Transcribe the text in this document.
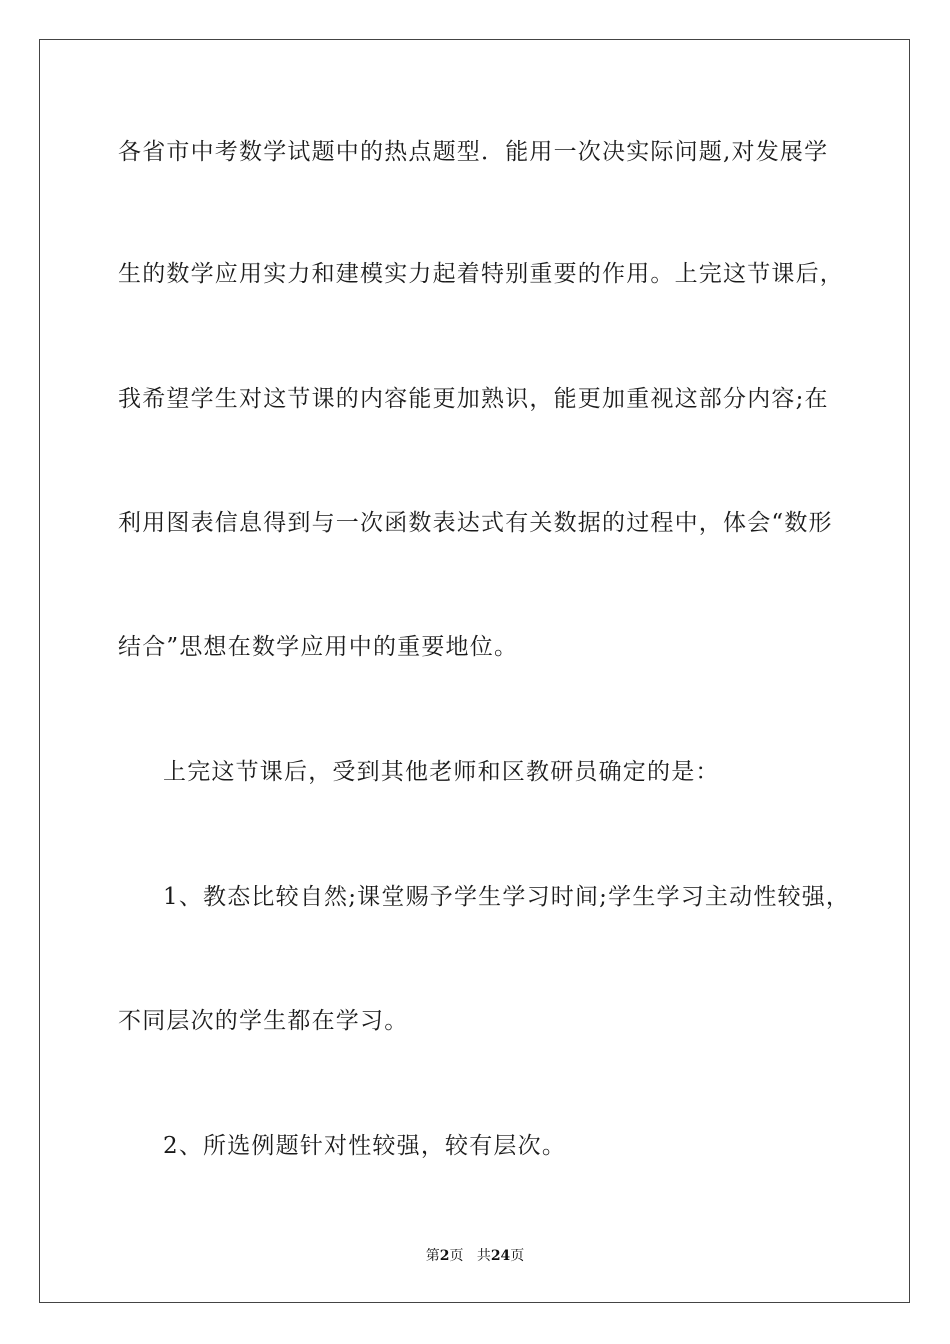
各省市中考数学试题中的热点题型．能用一次决实际问题,对发展学
生的数学应用实力和建模实力起着特别重要的作用。上完这节课后，
我希望学生对这节课的内容能更加熟识，能更加重视这部分内容;在
利用图表信息得到与一次函数表达式有关数据的过程中，体会“数形
结合”思想在数学应用中的重要地位。
上完这节课后，受到其他老师和区教研员确定的是：
1、教态比较自然;课堂赐予学生学习时间;学生学习主动性较强，
不同层次的学生都在学习。
2、所选例题针对性较强，较有层次。
第2页 共24页
